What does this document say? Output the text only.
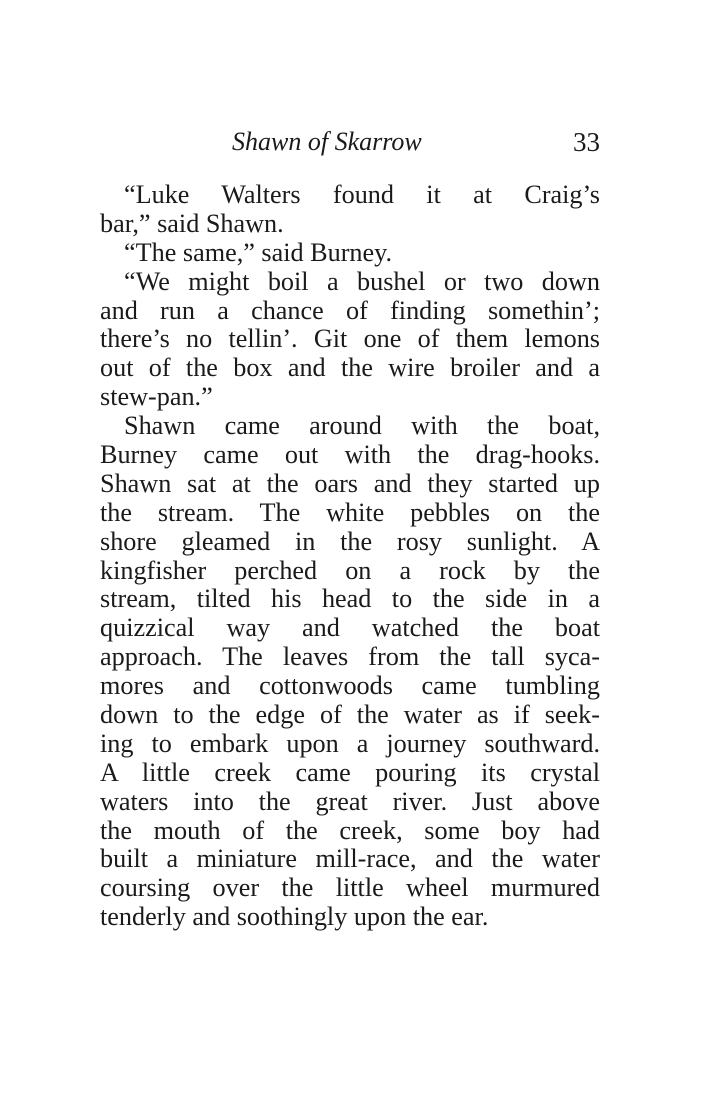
Shawn of Skarrow	33
“Luke Walters found it at Craig’s
bar,” said Shawn.
“The same,” said Burney.
“We might boil a bushel or two down
and run a chance of finding somethin’;
there’s no tellin’. Git one of them lemons
out of the box and the wire broiler and a
stew-pan.”
Shawn came around with the boat,
Burney came out with the drag-hooks.
Shawn sat at the oars and they started up
the stream. The white pebbles on the
shore gleamed in the rosy sunlight. A
kingfisher perched on a rock by the
stream, tilted his head to the side in a
quizzical way and watched the boat
approach. The leaves from the tall syca-
mores and cottonwoods came tumbling
down to the edge of the water as if seek-
ing to embark upon a journey southward.
A little creek came pouring its crystal
waters into the great river. Just above
the mouth of the creek, some boy had
built a miniature mill-race, and the water
coursing over the little wheel murmured
tenderly and soothingly upon the ear.
